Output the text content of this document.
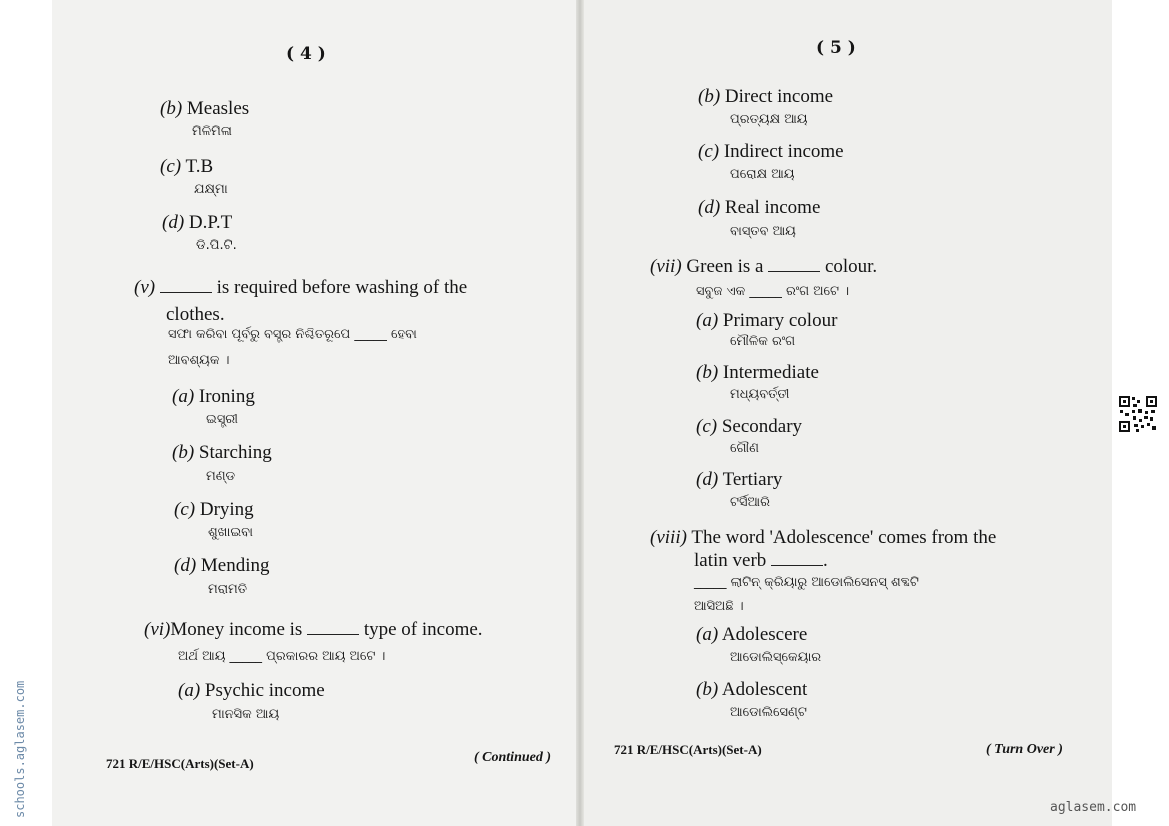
( 4 )
(b) Measles
ମିଳିମିଳା
(c) T.B
ଯକ୍ଷ୍ମା
(d) D.P.T
ଡି.ପି.ଟି.
(v)	is required before washing of the
clothes.
ସଫା କରିବା ପୂର୍ବରୁ ବସ୍ତ୍ର ନିଶ୍ଚିତରୂପେ _____ ହେବା
ଆବଶ୍ୟକ ।
(a) Ironing
ଇସ୍ତ୍ରୀ
(b) Starching
ମଣ୍ଡ
(c) Drying
ଶୁଖାଇବା
(d) Mending
ମରାମତି
(vi)Money income is	type of income.
ଅର୍ଥ ଆୟ _____ ପ୍ରକାରର ଆୟ ଅଟେ ।
(a) Psychic income
ମାନସିକ ଆୟ
721 R/E/HSC(Arts)(Set-A)	( Continued )
( 5 )
(b) Direct income
ପ୍ରତ୍ୟକ୍ଷ ଆୟ
(c) Indirect income
ପରୋକ୍ଷ ଆୟ
(d) Real income
ବାସ୍ତବ ଆୟ
(vii) Green is a	colour.
ସବୁଜ ଏକ _____ ରଂଗ ଅଟେ ।
(a) Primary colour
ମୌଳିକ ରଂଗ
(b) Intermediate
ମଧ୍ୟବର୍ତ୍ତୀ
(c) Secondary
ଗୌଣ
(d) Tertiary
ଟର୍ସିଆରି
(viii) The word 'Adolescence' comes from the
latin verb	.
_____ ଲାଟିନ୍ କ୍ରିୟାରୁ ଆଡୋଲିସେନସ୍ ଶବ୍ଦଟି
ଆସିଅଛି ।
(a) Adolescere
ଆଡୋଲିସ୍କେୟାର
(b) Adolescent
ଆଡୋଲିସେଣ୍ଟ
721 R/E/HSC(Arts)(Set-A)	( Turn Over )
schools.aglasem.com	aglasem.com
